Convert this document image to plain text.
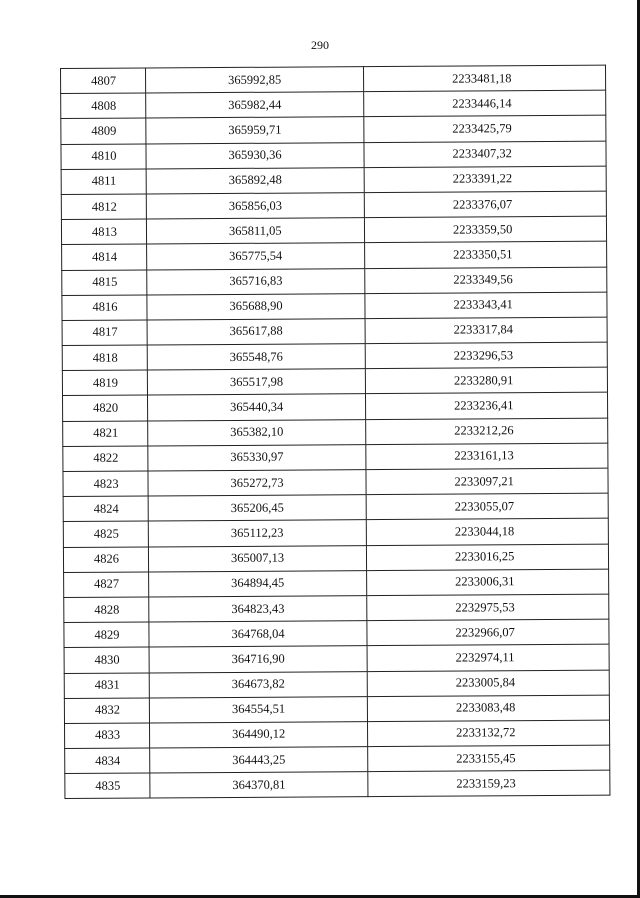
290
4807	365992,85	2233481,18
4808	365982,44	2233446,14
4809	365959,71	2233425,79
4810	365930,36	2233407,32
4811	365892,48	2233391,22
4812	365856,03	2233376,07
4813	365811,05	2233359,50
4814	365775,54	2233350,51
4815	365716,83	2233349,56
4816	365688,90	2233343,41
4817	365617,88	2233317,84
4818	365548,76	2233296,53
4819	365517,98	2233280,91
4820	365440,34	2233236,41
4821	365382,10	2233212,26
4822	365330,97	2233161,13
4823	365272,73	2233097,21
4824	365206,45	2233055,07
4825	365112,23	2233044,18
4826	365007,13	2233016,25
4827	364894,45	2233006,31
4828	364823,43	2232975,53
4829	364768,04	2232966,07
4830	364716,90	2232974,11
4831	364673,82	2233005,84
4832	364554,51	2233083,48
4833	364490,12	2233132,72
4834	364443,25	2233155,45
4835	364370,81	2233159,23
